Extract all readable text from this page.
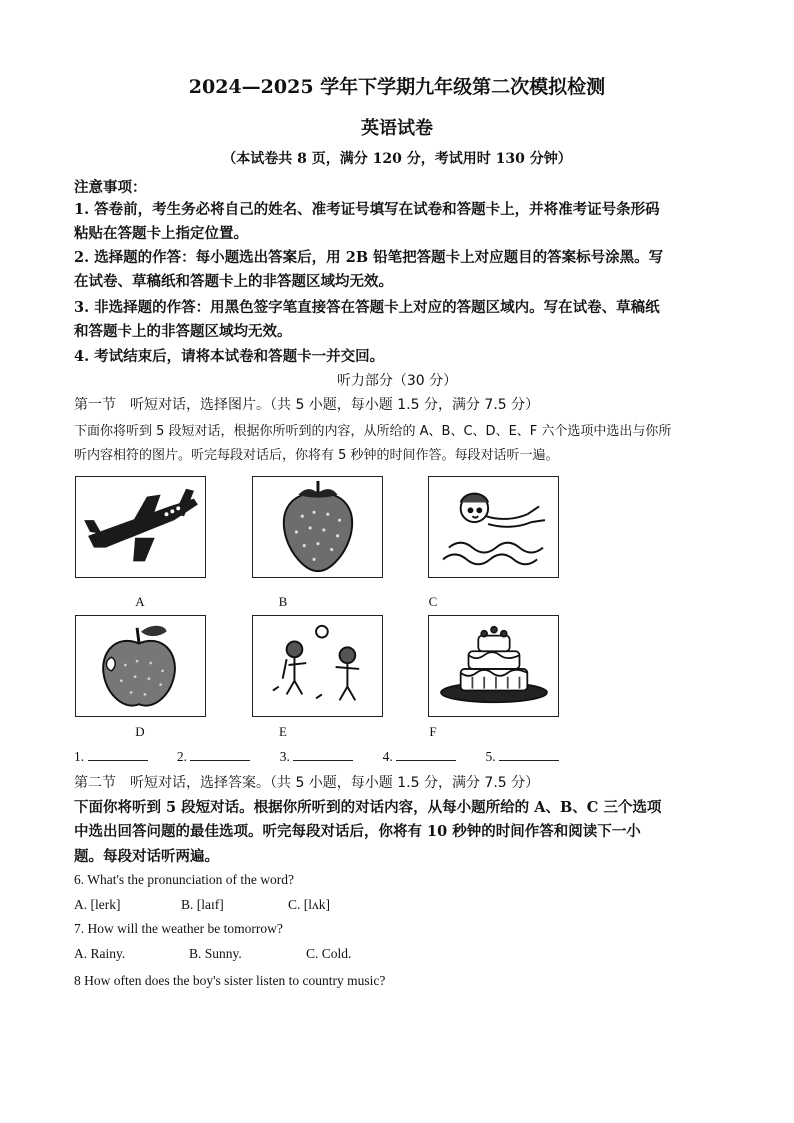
2024—2025 学年下学期九年级第二次模拟检测
英语试卷
（本试卷共 8 页，满分 120 分，考试用时 130 分钟）
注意事项：
1. 答卷前，考生务必将自己的姓名、准考证号填写在试卷和答题卡上，并将准考证号条形码
粘贴在答题卡上指定位置。
2. 选择题的作答：每小题选出答案后，用 2B 铅笔把答题卡上对应题目的答案标号涂黑。写
在试卷、草稿纸和答题卡上的非答题区域均无效。
3. 非选择题的作答：用黑色签字笔直接答在答题卡上对应的答题区域内。写在试卷、草稿纸
和答题卡上的非答题区域均无效。
4. 考试结束后，请将本试卷和答题卡一并交回。
听力部分（30 分）
第一节　听短对话，选择图片。（共 5 小题，每小题 1.5 分，满分 7.5 分）
下面你将听到 5 段短对话，根据你所听到的内容，从所给的 A、B、C、D、E、F 六个选项中选出与你所
听内容相符的图片。听完每段对话后，你将有 5 秒钟的时间作答。每段对话听一遍。
A	B	C
D	E	F
1.	2.	3.	4.	5.
第二节　听短对话，选择答案。（共 5 小题，每小题 1.5 分，满分 7.5 分）
下面你将听到 5 段短对话。根据你所听到的对话内容，从每小题所给的 A、B、C 三个选项
中选出回答问题的最佳选项。听完每段对话后，你将有 10 秒钟的时间作答和阅读下一小
题。每段对话听两遍。
6. What's the pronunciation of the word?
A. [lerk]	B. [laɪf]	C. [lʌk]
7. How will the weather be tomorrow?
A. Rainy.	B. Sunny.	C. Cold.
8 How often does the boy's sister listen to country music?
